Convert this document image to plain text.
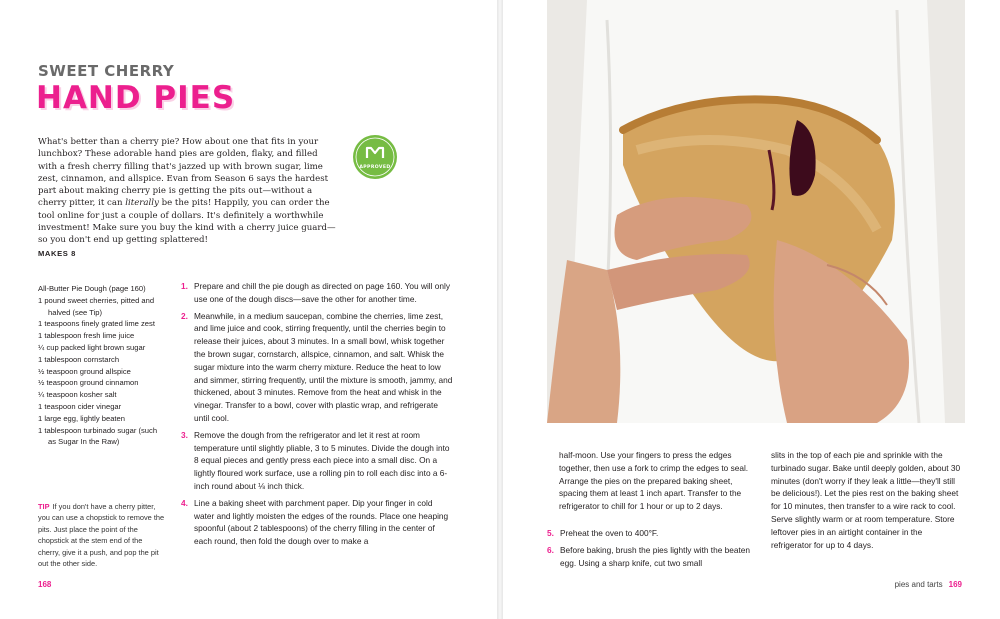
SWEET CHERRY
HAND PIES
APPROVED
What's better than a cherry pie? How about one that fits in your lunchbox? These adorable hand pies are golden, flaky, and filled with a fresh cherry filling that's jazzed up with brown sugar, lime zest, cinnamon, and allspice. Evan from Season 6 says the hardest part about making cherry pie is getting the pits out—without a cherry pitter, it can literally be the pits! Happily, you can order the tool online for just a couple of dollars. It's definitely a worthwhile investment! Make sure you buy the kind with a cherry juice guard—so you don't end up getting splattered!
MAKES 8
All-Butter Pie Dough (page 160)
1 pound sweet cherries, pitted and halved (see Tip)
1 teaspoons finely grated lime zest
1 tablespoon fresh lime juice
¼ cup packed light brown sugar
1 tablespoon cornstarch
½ teaspoon ground allspice
½ teaspoon ground cinnamon
¼ teaspoon kosher salt
1 teaspoon cider vinegar
1 large egg, lightly beaten
1 tablespoon turbinado sugar (such as Sugar In the Raw)
TIP If you don't have a cherry pitter, you can use a chopstick to remove the pits. Just place the point of the chopstick at the stem end of the cherry, give it a push, and pop the pit out the other side.
1. Prepare and chill the pie dough as directed on page 160. You will only use one of the dough discs—save the other for another time.
2. Meanwhile, in a medium saucepan, combine the cherries, lime zest, and lime juice and cook, stirring frequently, until the cherries begin to release their juices, about 3 minutes. In a small bowl, whisk together the brown sugar, cornstarch, allspice, cinnamon, and salt. Whisk the sugar mixture into the warm cherry mixture. Reduce the heat to low and simmer, stirring frequently, until the mixture is smooth, jammy, and thickened, about 3 minutes. Remove from the heat and whisk in the vinegar. Transfer to a bowl, cover with plastic wrap, and refrigerate until cool.
3. Remove the dough from the refrigerator and let it rest at room temperature until slightly pliable, 3 to 5 minutes. Divide the dough into 8 equal pieces and gently press each piece into a small disc. On a lightly floured work surface, use a rolling pin to roll each disc into a 6-inch round about ⅛ inch thick.
4. Line a baking sheet with parchment paper. Dip your finger in cold water and lightly moisten the edges of the rounds. Place one heaping spoonful (about 2 tablespoons) of the cherry filling in the center of each round, then fold the dough over to make a
168
half-moon. Use your fingers to press the edges together, then use a fork to crimp the edges to seal. Arrange the pies on the prepared baking sheet, spacing them at least 1 inch apart. Transfer to the refrigerator to chill for 1 hour or up to 2 days.
5. Preheat the oven to 400°F.
6. Before baking, brush the pies lightly with the beaten egg. Using a sharp knife, cut two small
slits in the top of each pie and sprinkle with the turbinado sugar. Bake until deeply golden, about 30 minutes (don't worry if they leak a little—they'll still be delicious!). Let the pies rest on the baking sheet for 10 minutes, then transfer to a wire rack to cool. Serve slightly warm or at room temperature. Store leftover pies in an airtight container in the refrigerator for up to 4 days.
pies and tarts 169
